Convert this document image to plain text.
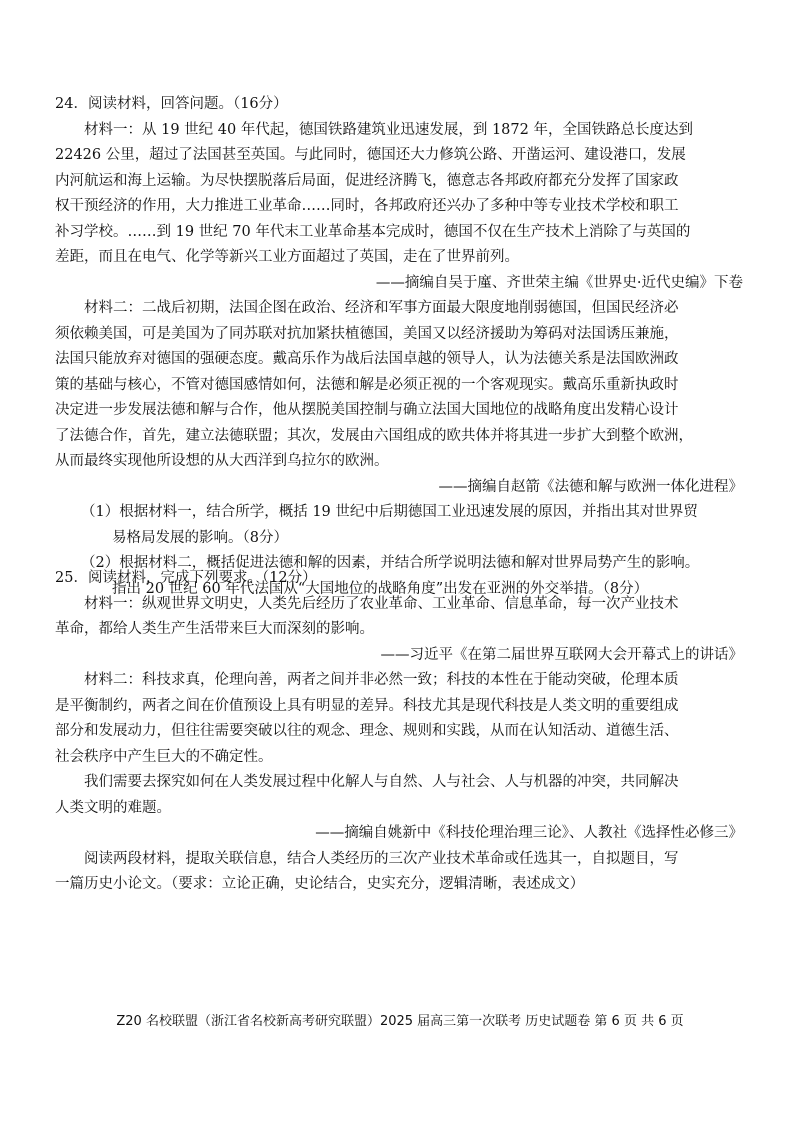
24．阅读材料，回答问题。（16分）
材料一：从 19 世纪 40 年代起，德国铁路建筑业迅速发展，到 1872 年，全国铁路总长度达到
22426 公里，超过了法国甚至英国。与此同时，德国还大力修筑公路、开凿运河、建设港口，发展
内河航运和海上运输。为尽快摆脱落后局面，促进经济腾飞，德意志各邦政府都充分发挥了国家政
权干预经济的作用，大力推进工业革命……同时，各邦政府还兴办了多种中等专业技术学校和职工
补习学校。……到 19 世纪 70 年代末工业革命基本完成时，德国不仅在生产技术上消除了与英国的
差距，而且在电气、化学等新兴工业方面超过了英国，走在了世界前列。
——摘编自吴于廑、齐世荣主编《世界史·近代史编》下卷
材料二：二战后初期，法国企图在政治、经济和军事方面最大限度地削弱德国，但国民经济必
须依赖美国，可是美国为了同苏联对抗加紧扶植德国，美国又以经济援助为筹码对法国诱压兼施，
法国只能放弃对德国的强硬态度。戴高乐作为战后法国卓越的领导人，认为法德关系是法国欧洲政
策的基础与核心，不管对德国感情如何，法德和解是必须正视的一个客观现实。戴高乐重新执政时
决定进一步发展法德和解与合作，他从摆脱美国控制与确立法国大国地位的战略角度出发精心设计
了法德合作，首先，建立法德联盟；其次，发展由六国组成的欧共体并将其进一步扩大到整个欧洲，
从而最终实现他所设想的从大西洋到乌拉尔的欧洲。
——摘编自赵箭《法德和解与欧洲一体化进程》
（1）根据材料一，结合所学，概括 19 世纪中后期德国工业迅速发展的原因，并指出其对世界贸
易格局发展的影响。（8分）
（2）根据材料二，概括促进法德和解的因素，并结合所学说明法德和解对世界局势产生的影响。
指出 20 世纪 60 年代法国从“大国地位的战略角度”出发在亚洲的外交举措。（8分）
25．阅读材料，完成下列要求。（12分）
材料一：纵观世界文明史，人类先后经历了农业革命、工业革命、信息革命，每一次产业技术
革命，都给人类生产生活带来巨大而深刻的影响。
——习近平《在第二届世界互联网大会开幕式上的讲话》
材料二：科技求真，伦理向善，两者之间并非必然一致；科技的本性在于能动突破，伦理本质
是平衡制约，两者之间在价值预设上具有明显的差异。科技尤其是现代科技是人类文明的重要组成
部分和发展动力，但往往需要突破以往的观念、理念、规则和实践，从而在认知活动、道德生活、
社会秩序中产生巨大的不确定性。
我们需要去探究如何在人类发展过程中化解人与自然、人与社会、人与机器的冲突，共同解决
人类文明的难题。
——摘编自姚新中《科技伦理治理三论》、人教社《选择性必修三》
阅读两段材料，提取关联信息，结合人类经历的三次产业技术革命或任选其一，自拟题目，写
一篇历史小论文。（要求：立论正确，史论结合，史实充分，逻辑清晰，表述成文）
Z20 名校联盟（浙江省名校新高考研究联盟）2025 届高三第一次联考 历史试题卷 第 6 页 共 6 页
